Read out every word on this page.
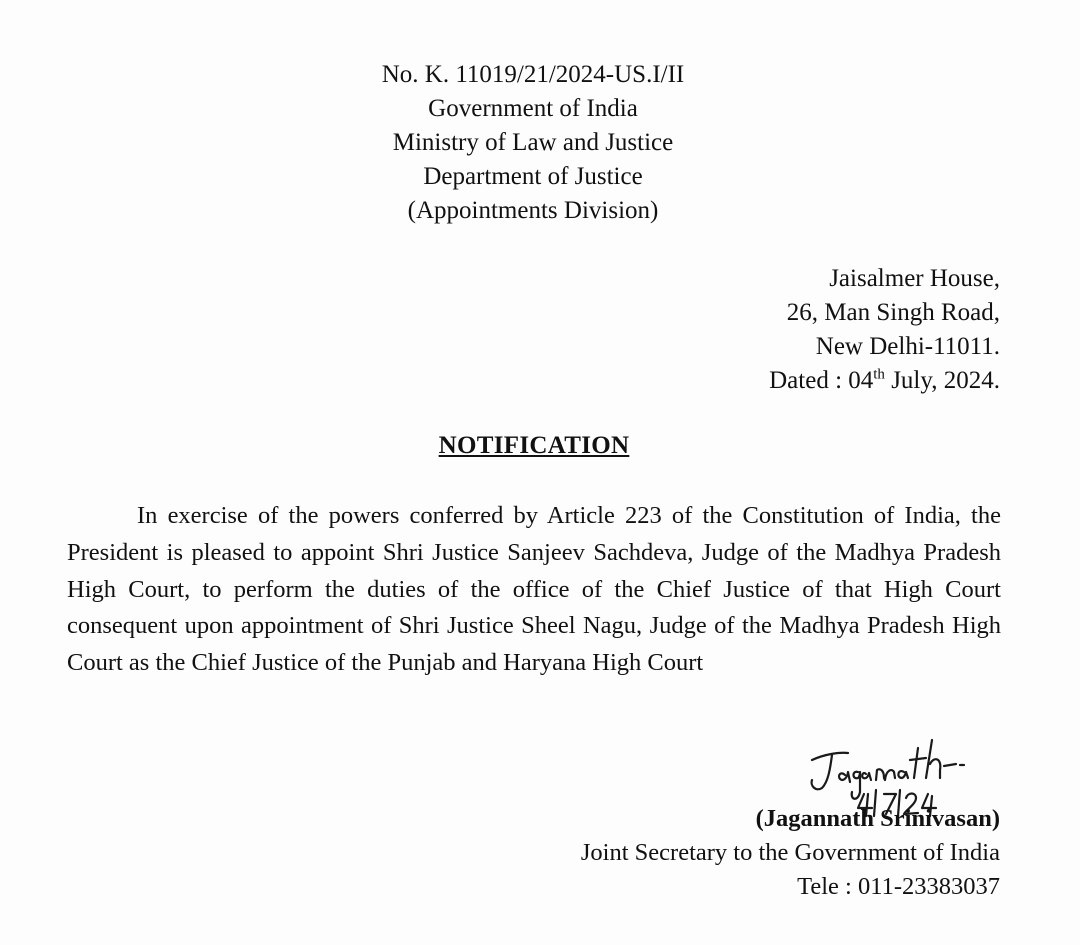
No. K. 11019/21/2024-US.I/II
Government of India
Ministry of Law and Justice
Department of Justice
(Appointments Division)
Jaisalmer House,
26, Man Singh Road,
New Delhi-11011.
Dated : 04th July, 2024.
NOTIFICATION
In exercise of the powers conferred by Article 223 of the Constitution of India, the President is pleased to appoint Shri Justice Sanjeev Sachdeva, Judge of the Madhya Pradesh High Court, to perform the duties of the office of the Chief Justice of that High Court consequent upon appointment of Shri Justice Sheel Nagu, Judge of the Madhya Pradesh High Court as the Chief Justice of the Punjab and Haryana High Court
(Jagannath Srinivasan)
Joint Secretary to the Government of India
Tele : 011-23383037
